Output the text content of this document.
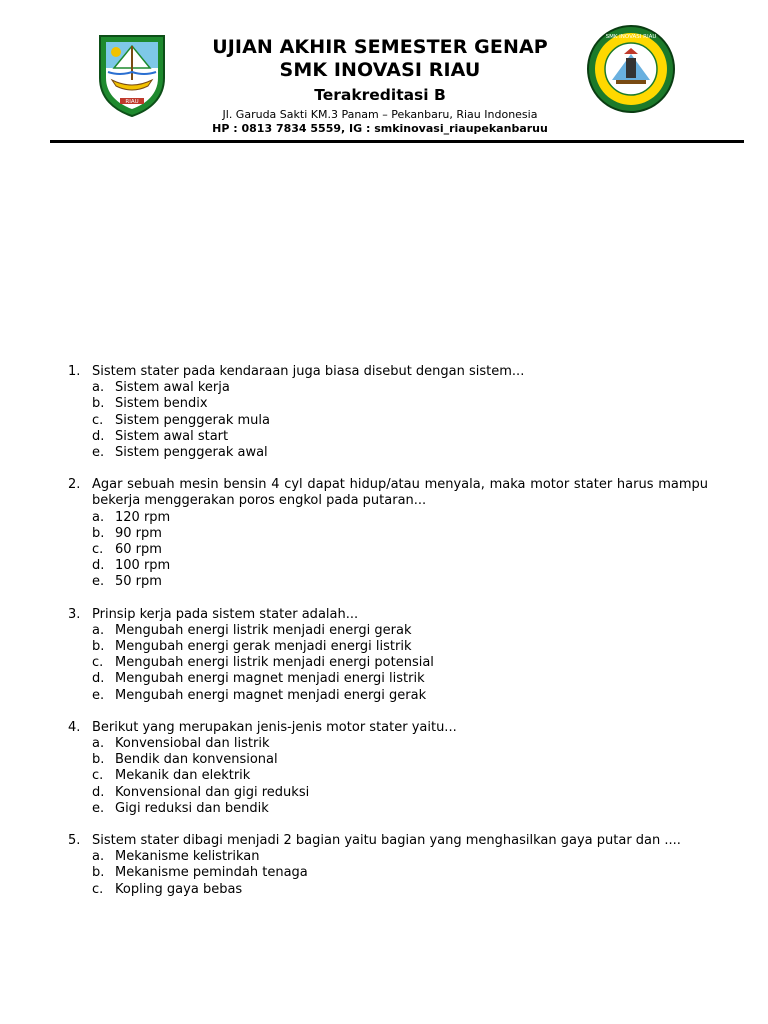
RIAU
UJIAN AKHIR SEMESTER GENAP
SMK INOVASI RIAU
Terakreditasi B
Jl. Garuda Sakti KM.3 Panam – Pekanbaru, Riau Indonesia
HP : 0813 7834 5559, IG : smkinovasi_riaupekanbaruu
SMK INOVASI RIAU
1. Sistem stater pada kendaraan juga biasa disebut dengan sistem...
a. Sistem awal kerja
b. Sistem bendix
c. Sistem penggerak mula
d. Sistem awal start
e. Sistem penggerak awal
2. Agar sebuah mesin bensin 4 cyl dapat hidup/atau menyala, maka motor stater harus mampu bekerja menggerakan poros engkol pada putaran...
a. 120 rpm
b. 90 rpm
c. 60 rpm
d. 100 rpm
e. 50 rpm
3. Prinsip kerja pada sistem stater adalah...
a. Mengubah energi listrik menjadi energi gerak
b. Mengubah energi gerak menjadi energi listrik
c. Mengubah energi listrik menjadi energi potensial
d. Mengubah energi magnet menjadi energi listrik
e. Mengubah energi magnet menjadi energi gerak
4. Berikut yang merupakan jenis-jenis motor stater yaitu...
a. Konvensiobal dan listrik
b. Bendik dan konvensional
c. Mekanik dan elektrik
d. Konvensional dan gigi reduksi
e. Gigi reduksi dan bendik
5. Sistem stater dibagi menjadi 2 bagian yaitu bagian yang menghasilkan gaya putar dan ....
a. Mekanisme kelistrikan
b. Mekanisme pemindah tenaga
c. Kopling gaya bebas
